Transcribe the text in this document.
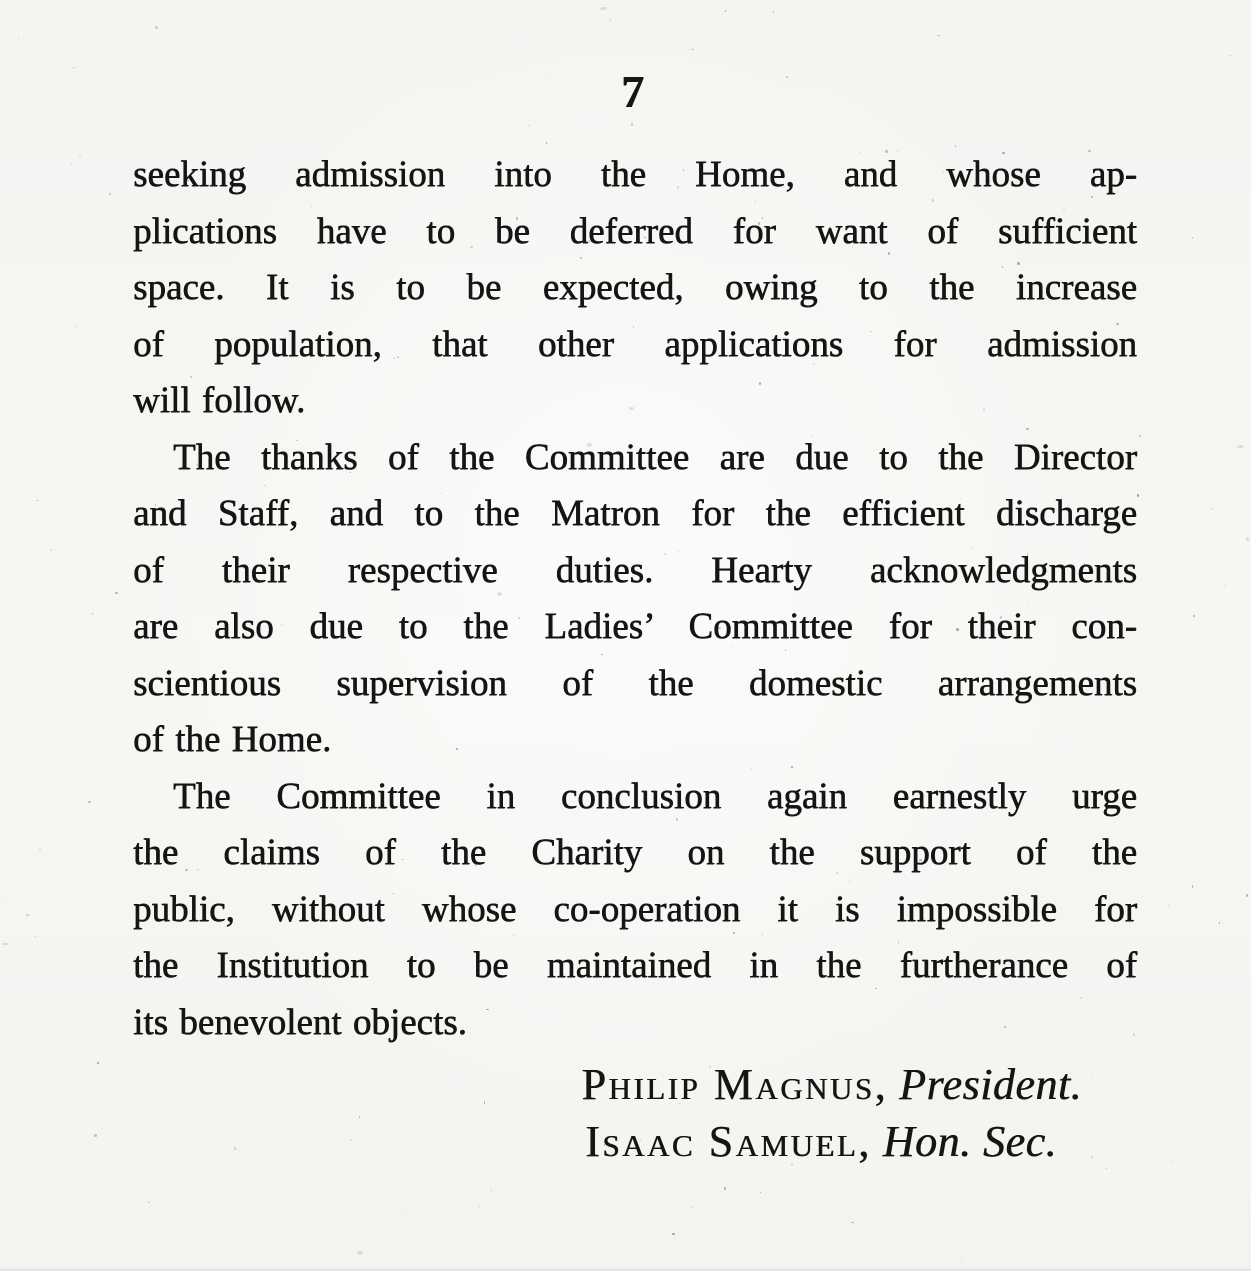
7
seeking admission into the Home, and whose ap-
plications have to be deferred for want of sufficient
space. It is to be expected, owing to the increase
of population, that other applications for admission
will follow.
The thanks of the Committee are due to the Director
and Staff, and to the Matron for the efficient discharge
of their respective duties. Hearty acknowledgments
are also due to the Ladies’ Committee for their con-
scientious supervision of the domestic arrangements
of the Home.
The Committee in conclusion again earnestly urge
the claims of the Charity on the support of the
public, without whose co-operation it is impossible for
the Institution to be maintained in the furtherance of
its benevolent objects.
Philip Magnus, President.
Isaac Samuel, Hon. Sec.
